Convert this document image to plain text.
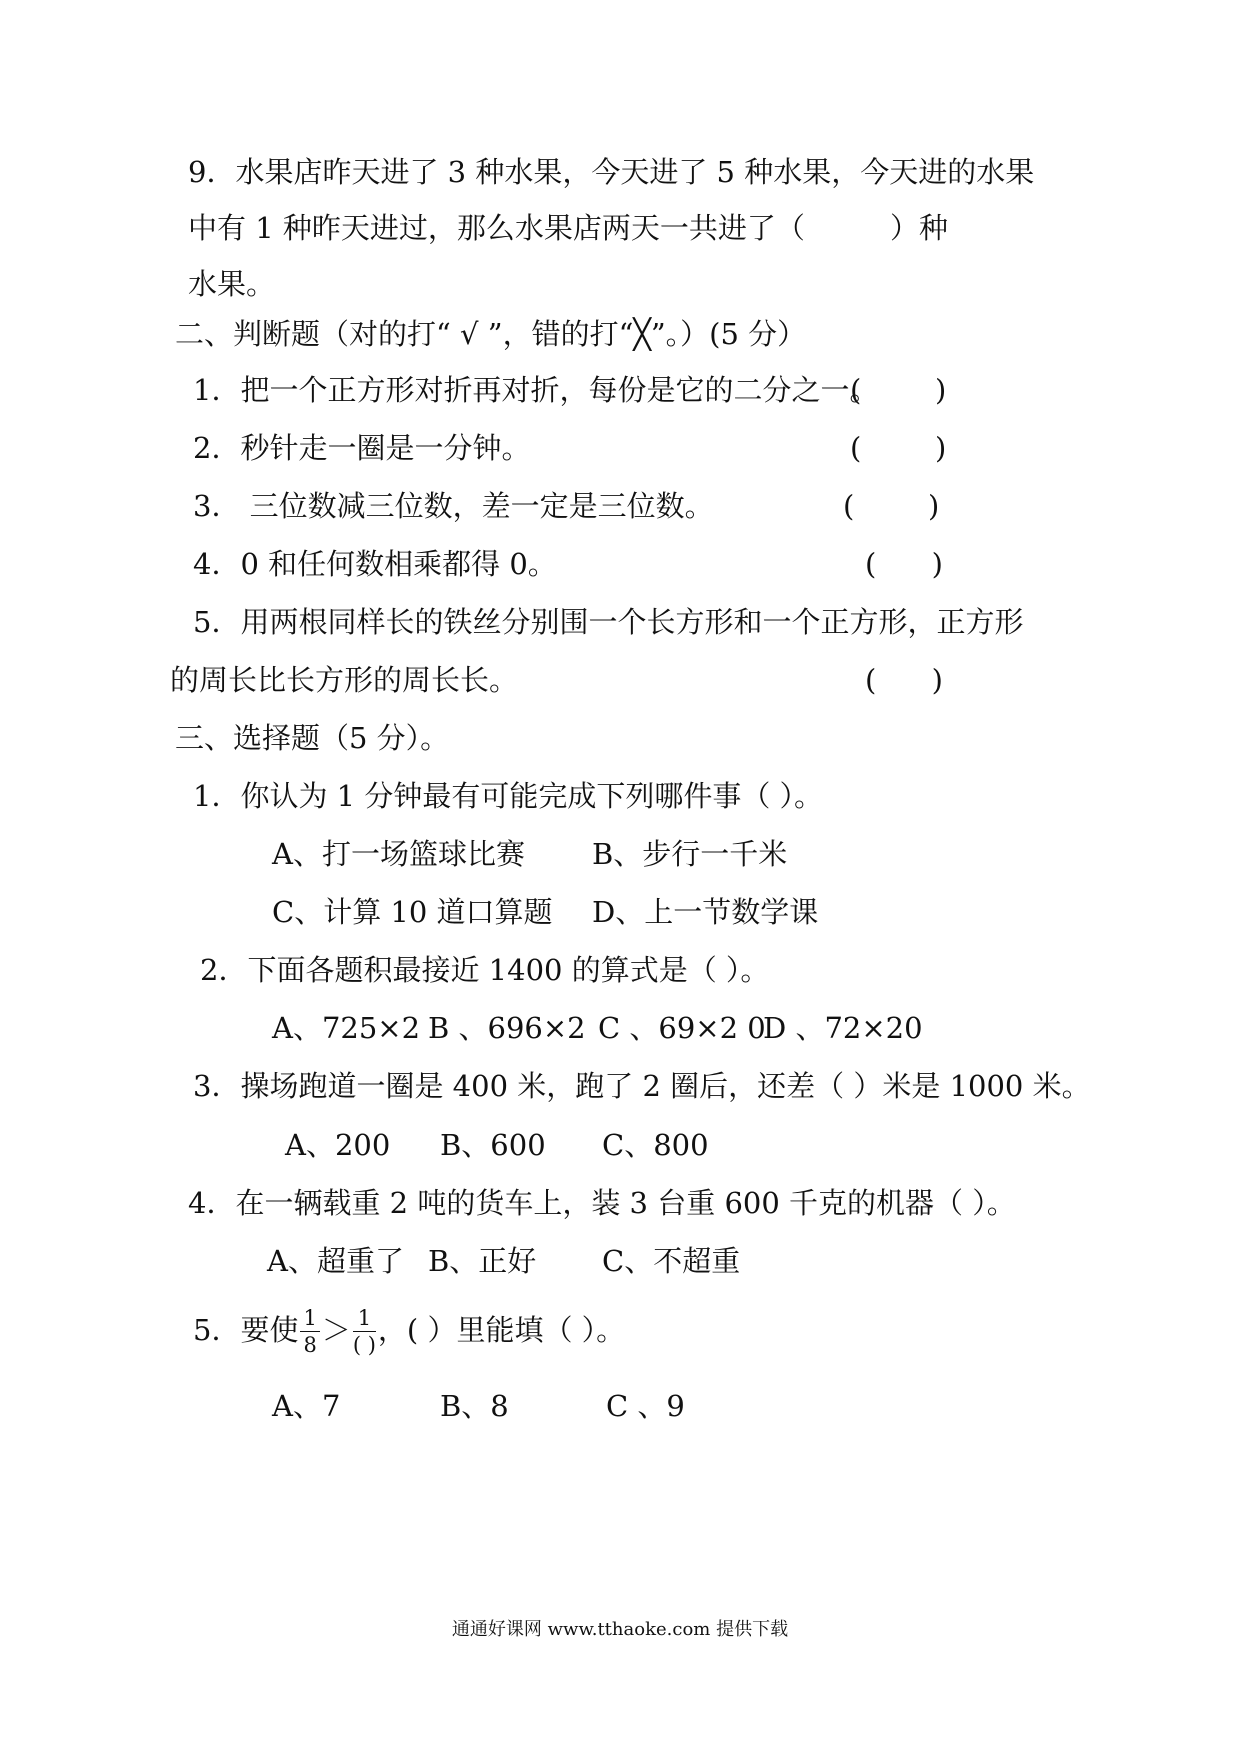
9．水果店昨天进了 3 种水果，今天进了 5 种水果，今天进的水果
中有 1 种昨天进过，那么水果店两天一共进了（	）种
水果。
二、判断题（对的打“ √ ”，错的打“╳”。）(5 分）
1．把一个正方形对折再对折，每份是它的二分之一。
(        )
2．秒针走一圈是一分钟。	(        )
3． 三位数减三位数，差一定是三位数。	(        )
4．0 和任何数相乘都得 0。	(      )
5．用两根同样长的铁丝分别围一个长方形和一个正方形，正方形
的周长比长方形的周长长。	(      )
三、选择题（5 分）。
1．你认为 1 分钟最有可能完成下列哪件事（ ）。
A、打一场篮球比赛 B、步行一千米
C、计算 10 道口算题 D、上一节数学课
2．下面各题积最接近 1400 的算式是（ ）。
A、725×2 B 、696×2 C 、69×2 0
D 、72×20
3．操场跑道一圈是 400 米，跑了 2 圈后，还差（ ）米是 1000 米。
A、200 B、600 C、800
4．在一辆载重 2 吨的货车上，装 3 台重 600 千克的机器（ ）。
A、超重了 B、正好 C、不超重
5．要使 $\frac{1}{8} > \frac{1}{( )}$ ，( ）里能填（ ）。
A、7	B、8	C 、9
通通好课网 www.tthaoke.com 提供下载
